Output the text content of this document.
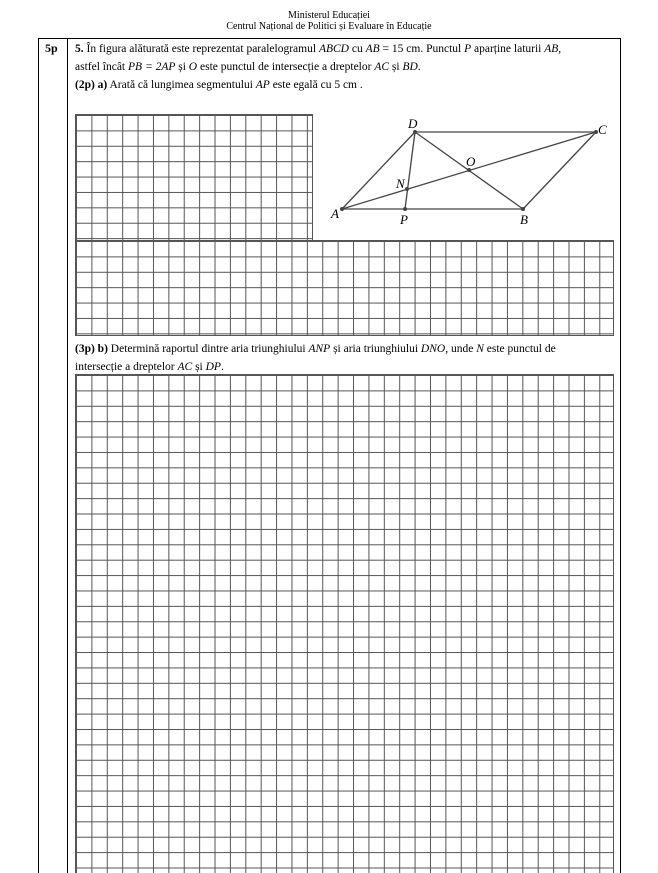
Ministerul Educației
Centrul Național de Politici și Evaluare în Educație
5p 5. În figura alăturată este reprezentat paralelogramul ABCD cu AB = 15 cm. Punctul P aparține laturii AB,
astfel încât PB = 2AP și O este punctul de intersecție a dreptelor AC și BD.
(2p) a) Arată că lungimea segmentului AP este egală cu 5 cm .
A	B
C
D
O
N
P
(3p) b) Determină raportul dintre aria triunghiului ANP și aria triunghiului DNO, unde N este punctul de
intersecție a dreptelor AC și DP.
